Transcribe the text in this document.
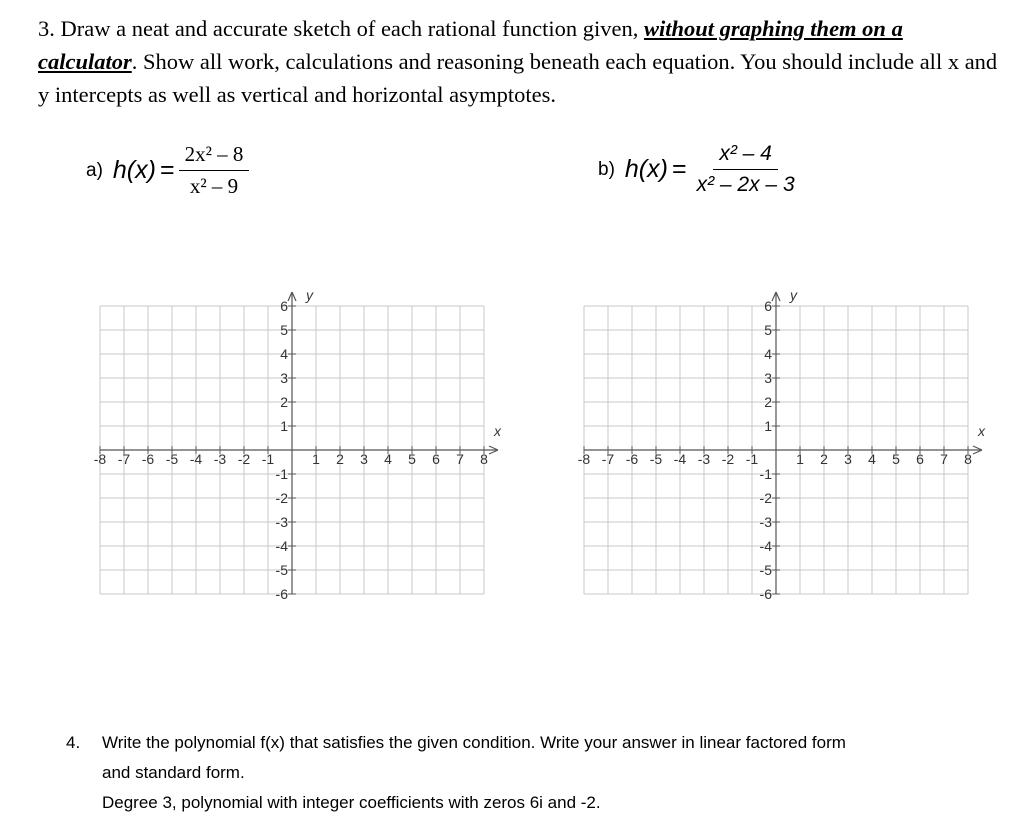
3. Draw a neat and accurate sketch of each rational function given, without graphing them on a calculator. Show all work, calculations and reasoning beneath each equation. You should include all x and y intercepts as well as vertical and horizontal asymptotes.
a) $h(x) = \frac{\text{2x² – 8}}{\text{x² – 9}}$	b) $h(x) = \frac{\text{x² – 4}}{\text{x² – 2x – 3}}$
x
y
-8 -7 -6 -5 -4 -3 -2 -1	1 2 3 4 5 6 7 8
6
5
4
3
2
1
-1
-2
-3
-4
-5
-6
x
y
-8 -7 -6 -5 -4 -3 -2 -1	1 2 3 4 5 6 7 8
6
5
4
3
2
1
-1
-2
-3
-4
-5
-6
4.	Write the polynomial f(x) that satisfies the given condition. Write your answer in linear factored form
and standard form.
Degree 3, polynomial with integer coefficients with zeros 6i and -2.
